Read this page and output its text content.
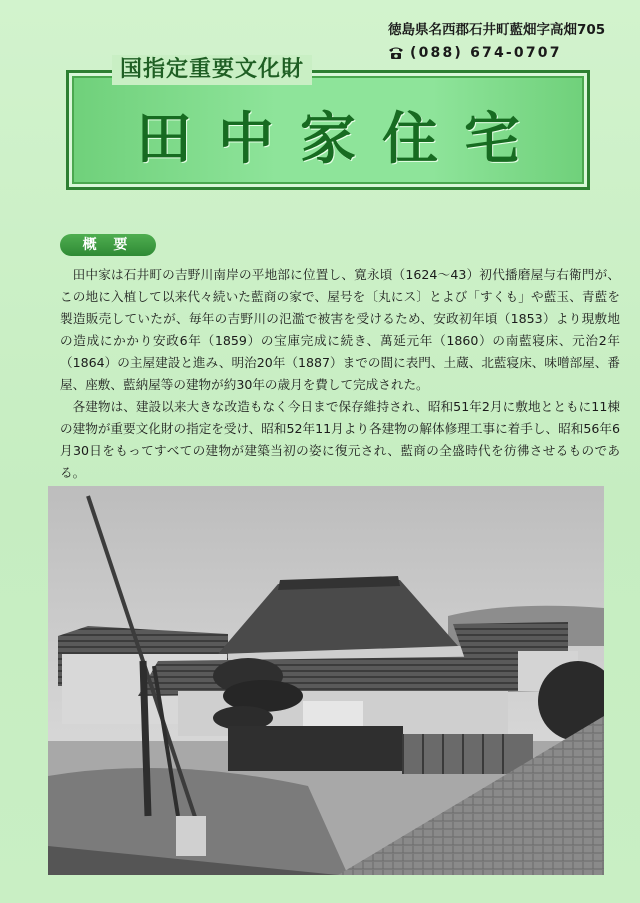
徳島県名西郡石井町藍畑字高畑705
(088) 674-0707
国指定重要文化財
田中家住宅
概 要

田中家は石井町の吉野川南岸の平地部に位置し、寛永頃（1624〜43）初代播磨屋与右衛門が、この地に入植して以来代々続いた藍商の家で、屋号を〔丸にス〕とよび「すくも」や藍玉、青藍を製造販売していたが、毎年の吉野川の氾濫で被害を受けるため、安政初年頃（1853）より現敷地の造成にかかり安政6年（1859）の宝庫完成に続き、萬延元年（1860）の南藍寝床、元治2年（1864）の主屋建設と進み、明治20年（1887）までの間に表門、土蔵、北藍寝床、味噌部屋、番屋、座敷、藍納屋等の建物が約30年の歳月を費して完成された。

各建物は、建設以来大きな改造もなく今日まで保存維持され、昭和51年2月に敷地とともに11棟の建物が重要文化財の指定を受け、昭和52年11月より各建物の解体修理工事に着手し、昭和56年6月30日をもってすべての建物が建築当初の姿に復元され、藍商の全盛時代を彷彿させるものである。
